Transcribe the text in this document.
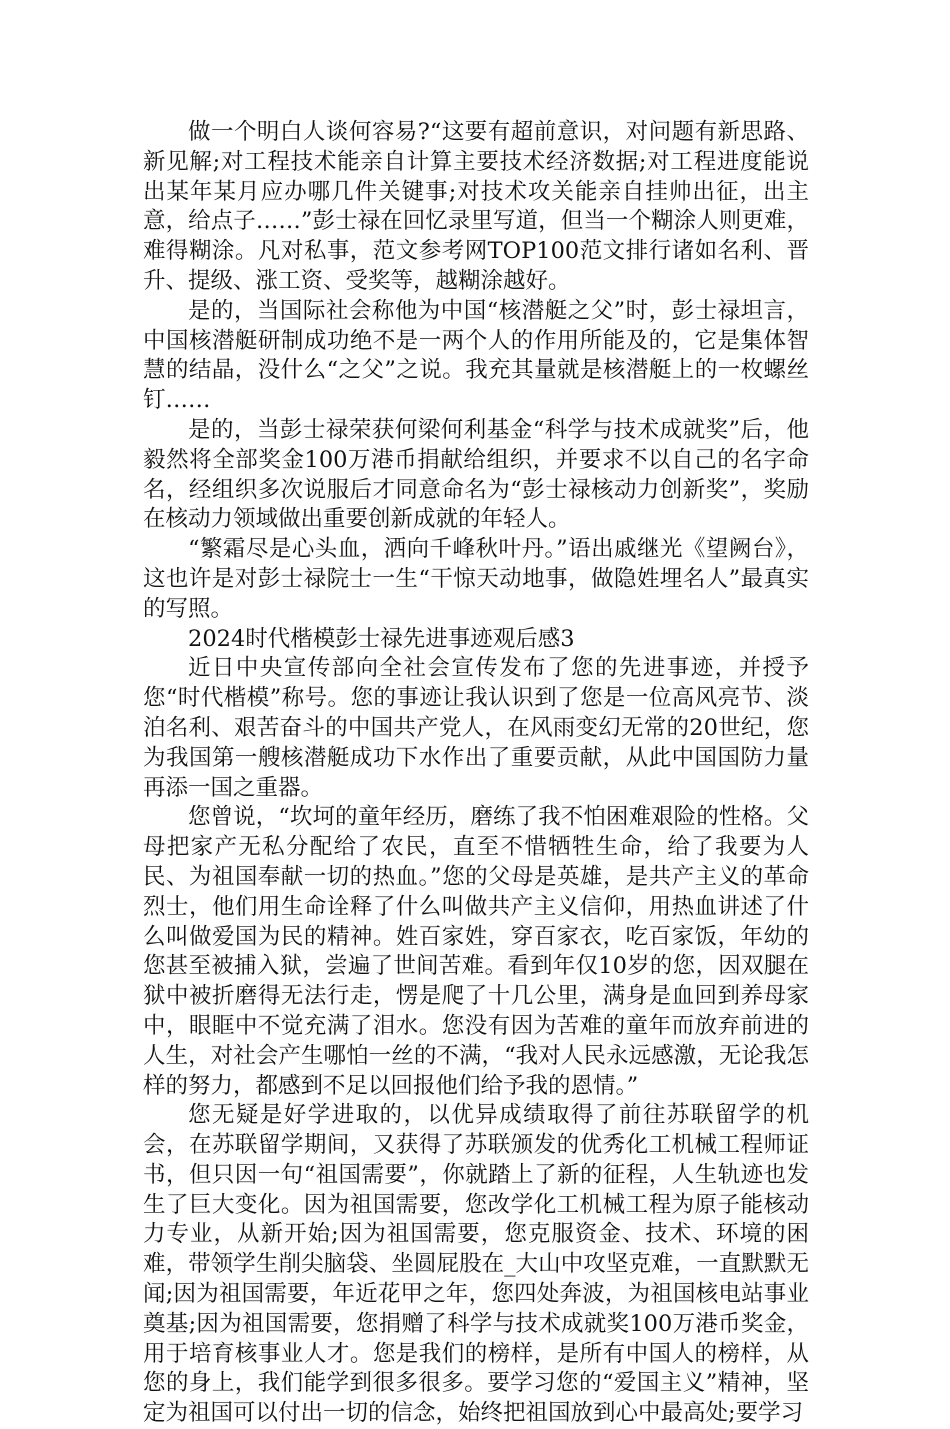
做一个明白人谈何容易?“这要有超前意识，对问题有新思路、新见解;对工程技术能亲自计算主要技术经济数据;对工程进度能说出某年某月应办哪几件关键事;对技术攻关能亲自挂帅出征，出主意，给点子……”彭士禄在回忆录里写道，但当一个糊涂人则更难，难得糊涂。凡对私事，范文参考网TOP100范文排行诸如名利、晋升、提级、涨工资、受奖等，越糊涂越好。

是的，当国际社会称他为中国“核潜艇之父”时，彭士禄坦言，中国核潜艇研制成功绝不是一两个人的作用所能及的，它是集体智慧的结晶，没什么“之父”之说。我充其量就是核潜艇上的一枚螺丝钉……

是的，当彭士禄荣获何梁何利基金“科学与技术成就奖”后，他毅然将全部奖金100万港币捐献给组织，并要求不以自己的名字命名，经组织多次说服后才同意命名为“彭士禄核动力创新奖”，奖励在核动力领域做出重要创新成就的年轻人。

“繁霜尽是心头血，洒向千峰秋叶丹。”语出戚继光《望阙台》，这也许是对彭士禄院士一生“干惊天动地事，做隐姓埋名人”最真实的写照。

2024时代楷模彭士禄先进事迹观后感3

近日中央宣传部向全社会宣传发布了您的先进事迹，并授予您“时代楷模”称号。您的事迹让我认识到了您是一位高风亮节、淡泊名利、艰苦奋斗的中国共产党人，在风雨变幻无常的20世纪，您为我国第一艘核潜艇成功下水作出了重要贡献，从此中国国防力量再添一国之重器。

您曾说，“坎坷的童年经历，磨练了我不怕困难艰险的性格。父母把家产无私分配给了农民，直至不惜牺牲生命，给了我要为人民、为祖国奉献一切的热血。”您的父母是英雄，是共产主义的革命烈士，他们用生命诠释了什么叫做共产主义信仰，用热血讲述了什么叫做爱国为民的精神。姓百家姓，穿百家衣，吃百家饭，年幼的您甚至被捕入狱，尝遍了世间苦难。看到年仅10岁的您，因双腿在狱中被折磨得无法行走，愣是爬了十几公里，满身是血回到养母家中，眼眶中不觉充满了泪水。您没有因为苦难的童年而放弃前进的人生，对社会产生哪怕一丝的不满，“我对人民永远感激，无论我怎样的努力，都感到不足以回报他们给予我的恩情。”

您无疑是好学进取的，以优异成绩取得了前往苏联留学的机会，在苏联留学期间，又获得了苏联颁发的优秀化工机械工程师证书，但只因一句“祖国需要”，你就踏上了新的征程，人生轨迹也发生了巨大变化。因为祖国需要，您改学化工机械工程为原子能核动力专业，从新开始;因为祖国需要，您克服资金、技术、环境的困难，带领学生削尖脑袋、坐圆屁股在_大山中攻坚克难，一直默默无闻;因为祖国需要，年近花甲之年，您四处奔波，为祖国核电站事业奠基;因为祖国需要，您捐赠了科学与技术成就奖100万港币奖金，用于培育核事业人才。您是我们的榜样，是所有中国人的榜样，从您的身上，我们能学到很多很多。要学习您的“爱国主义”精神，坚定为祖国可以付出一切的信念，始终把祖国放到心中最高处;要学习
